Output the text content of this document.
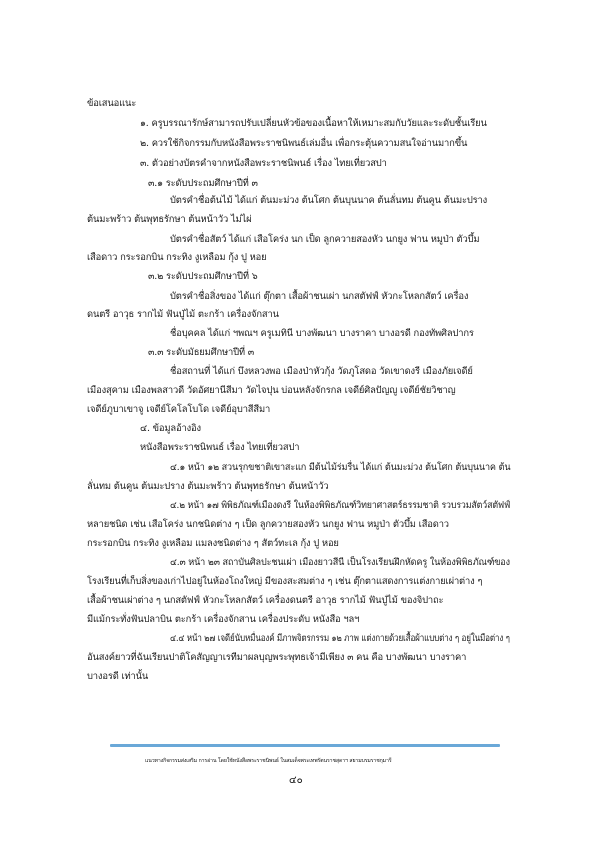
ข้อเสนอแนะ
๑. ครูบรรณารักษ์สามารถปรับเปลี่ยนหัวข้อของเนื้อหาให้เหมาะสมกับวัยและระดับชั้นเรียน
๒. ควรใช้กิจกรรมกับหนังสือพระราชนิพนธ์เล่มอื่น เพื่อกระตุ้นความสนใจอ่านมากขึ้น
๓. ตัวอย่างบัตรคำจากหนังสือพระราชนิพนธ์ เรื่อง ไทยเที่ยวสปา
๓.๑ ระดับประถมศึกษาปีที่ ๓
บัตรคำชื่อต้นไม้ ได้แก่ ต้นมะม่วง ต้นโศก ต้นบุนนาค ต้นลั่นทม ต้นคูน ต้นมะปราง
ต้นมะพร้าว ต้นพุทธรักษา ต้นหน้าวัว ไม่ไผ่
บัตรคำชื่อสัตว์ ได้แก่ เสือโคร่ง นก เป็ด ลูกควายสองหัว นกยูง ฟาน หมูป่า ตัวบึ้ม
เสือดาว กระรอกบิน กระทิง งูเหลือม กุ้ง ปู หอย
๓.๒ ระดับประถมศึกษาปีที่ ๖
บัตรคำชื่อสิ่งของ ได้แก่ ตุ๊กตา เสื้อผ้าชนเผ่า นกสตัฟฟ์ หัวกะโหลกสัตว์ เครื่อง
ดนตรี อาวุธ รากไม้ ฟันปู่ไม้ ตะกร้า เครื่องจักสาน
ชื่อบุคคล ได้แก่ ฯพณฯ ครูเมทินี บางพัฒนา บางราคา บางอรดี กองทัพศิลปากร
๓.๓ ระดับมัธยมศึกษาปีที่ ๓
ชื่อสถานที่ ได้แก่ บึงหลวงพอ เมืองป่าหัวกุ้ง วัดภูโสดอ วัดเขาดงรี เมืองภัยเจดีย์
เมืองสุคาม เมืองพลสาวดี วัดอัศยานีสีมา วัดไจปุน บ่อนหลังจักรกล เจดีย์ศิลปัญญู เจดีย์ชัยวิชาญ
เจดีย์ภูบาเขาจู เจดีย์โคโลโบโด เจดีย์อุบาสีสีมา
๔. ข้อมูลอ้างอิง
หนังสือพระราชนิพนธ์ เรื่อง ไทยเที่ยวสปา
๔.๑ หน้า ๑๒ สวนรุกขชาติเขาสะแก มีต้นไม้ร่มรื่น ได้แก่ ต้นมะม่วง ต้นโศก ต้นบุนนาค ต้น
ลั่นทม ต้นคูน ต้นมะปราง ต้นมะพร้าว ต้นพุทธรักษา ต้นหน้าวัว
๔.๒ หน้า ๑๗ พิพิธภัณฑ์เมืองดงรี ในห้องพิพิธภัณฑ์วิทยาศาสตร์ธรรมชาติ รวบรวมสัตว์สตัฟฟ์
หลายชนิด เช่น เสือโคร่ง นกชนิดต่าง ๆ เป็ด ลูกควายสองหัว นกยูง ฟาน หมูป่า ตัวบึ้ม เสือดาว
กระรอกบิน กระทิง งูเหลือม แมลงชนิดต่าง ๆ สัตว์ทะเล กุ้ง ปู หอย
๔.๓ หน้า ๒๓ สถาบันศิลปะชนเผ่า เมืองยาวสีนี เป็นโรงเรียนฝึกหัดครู ในห้องพิพิธภัณฑ์ของ
โรงเรียนที่เก็บสิ่งของเก่าไปอยู่ในห้องโถงใหญ่ มีของสะสมต่าง ๆ เช่น ตุ๊กตาแสดงการแต่งกายเผ่าต่าง ๆ
เสื้อผ้าชนเผ่าต่าง ๆ นกสตัฟฟ์ หัวกะโหลกสัตว์ เครื่องดนตรี อาวุธ รากไม้ ฟันปู่ไม้ ของจิปาถะ
มีแม้กระทั่งฟันปลาบิน ตะกร้า เครื่องจักสาน เครื่องประดับ หนังสือ ฯลฯ
๔.๔ หน้า ๒๗ เจดีย์นับหมื่นองค์ มีภาพจิตรกรรม ๑๒ ภาพ แต่งกายด้วยเสื้อผ้าแบบต่าง ๆ อยู่ในมือต่าง ๆ
อันสงค์ยาวที่ฉันเรียนปาติโคสัญญาเรทีมาผลบุญพระพุทธเจ้ามีเพียง ๓ คน คือ บางพัฒนา บางราคา
บางอรดี เท่านั้น
แนวทางกิจกรรมส่งเสริม การอ่าน โดยใช้หนังสือพระราชนิพนธ์ ในสมเด็จพระเทพรัตนราชสุดาฯ สยามบรมราชกุมารี
๔๐
